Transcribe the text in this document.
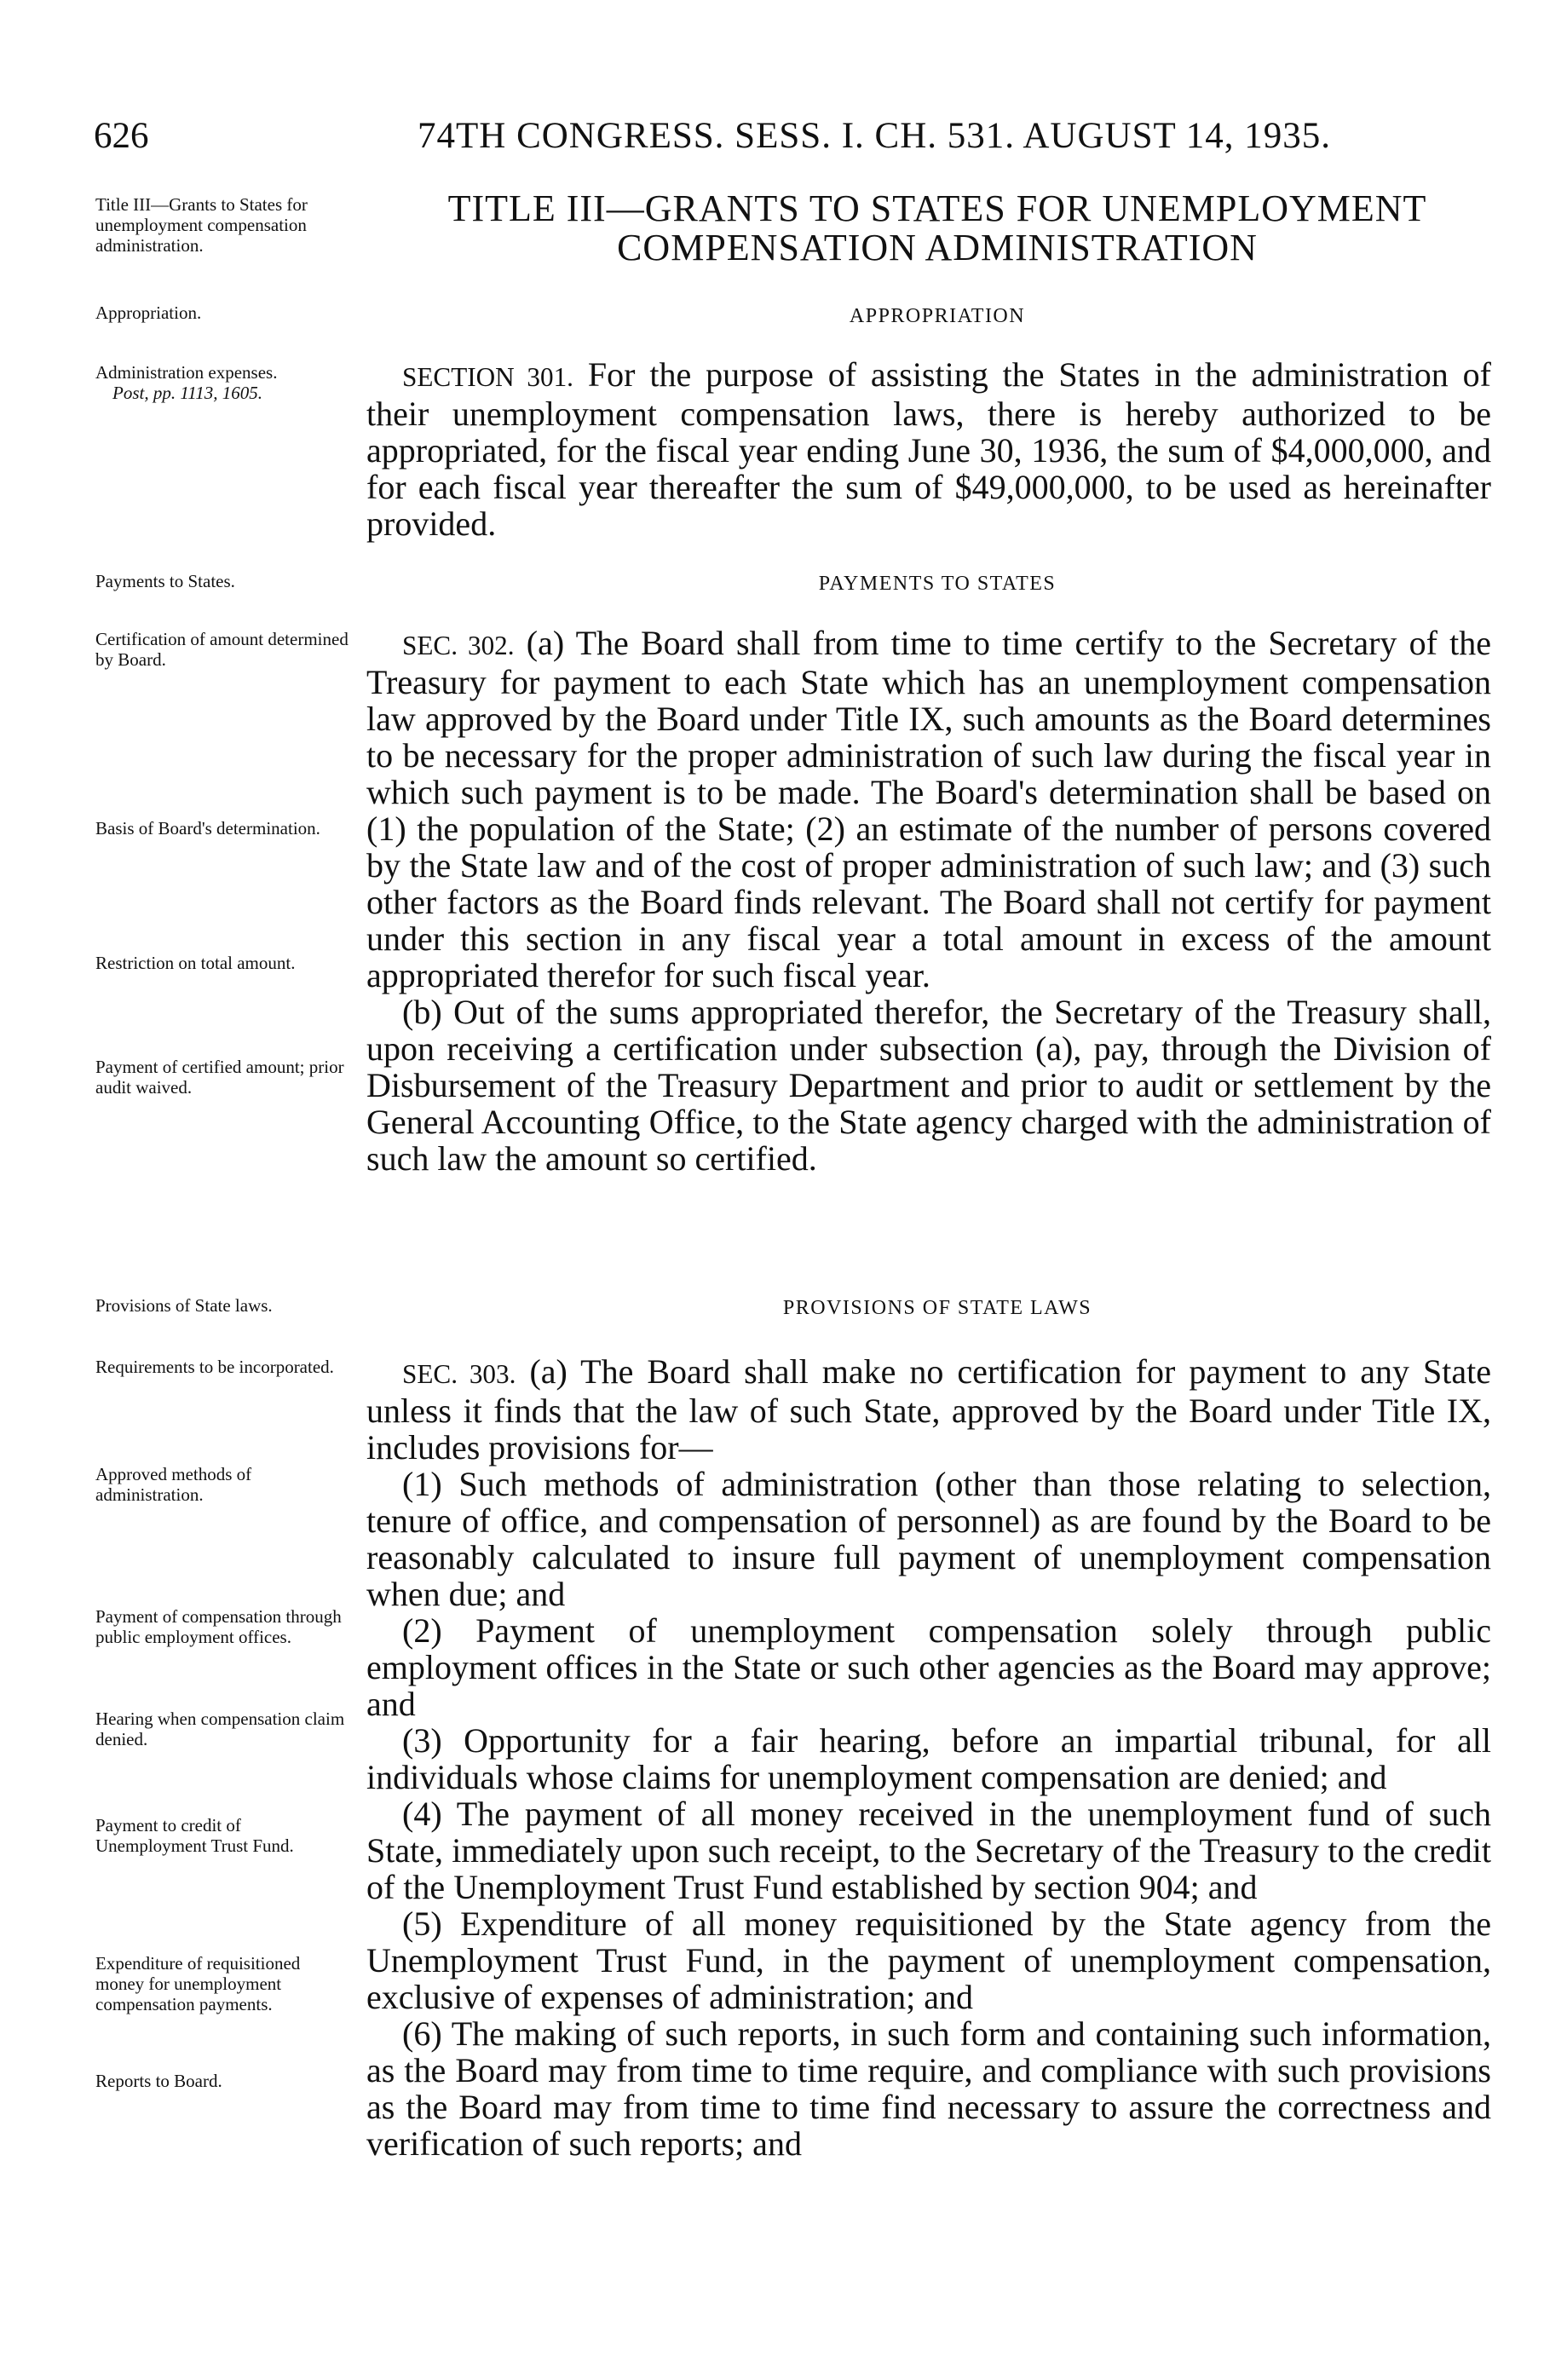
626	74TH CONGRESS. SESS. I. CH. 531. AUGUST 14, 1935.
TITLE III—GRANTS TO STATES FOR UNEMPLOYMENT
COMPENSATION ADMINISTRATION
Title III—Grants to States for unemployment compensation administration.
Appropriation.
Administration expenses.
Post, pp. 1113, 1605.
Payments to States.
Certification of amount determined by Board.
Basis of Board's determination.
Restriction on total amount.
Payment of certified amount; prior audit waived.
Provisions of State laws.
Requirements to be incorporated.
Approved methods of administration.
Payment of compensation through public employment offices.
Hearing when compensation claim denied.
Payment to credit of Unemployment Trust Fund.
Expenditure of requisitioned money for unemployment compensation payments.
Reports to Board.
APPROPRIATION
PAYMENTS TO STATES
PROVISIONS OF STATE LAWS

SECTION 301. For the purpose of assisting the States in the administration of their unemployment compensation laws, there is hereby authorized to be appropriated, for the fiscal year ending June 30, 1936, the sum of $4,000,000, and for each fiscal year thereafter the sum of $49,000,000, to be used as hereinafter provided.

SEC. 302. (a) The Board shall from time to time certify to the Secretary of the Treasury for payment to each State which has an unemployment compensation law approved by the Board under Title IX, such amounts as the Board determines to be necessary for the proper administration of such law during the fiscal year in which such payment is to be made. The Board's determination shall be based on (1) the population of the State; (2) an estimate of the number of persons covered by the State law and of the cost of proper administration of such law; and (3) such other factors as the Board finds relevant. The Board shall not certify for payment under this section in any fiscal year a total amount in excess of the amount appropriated therefor for such fiscal year.

(b) Out of the sums appropriated therefor, the Secretary of the Treasury shall, upon receiving a certification under subsection (a), pay, through the Division of Disbursement of the Treasury Department and prior to audit or settlement by the General Accounting Office, to the State agency charged with the administration of such law the amount so certified.

SEC. 303. (a) The Board shall make no certification for payment to any State unless it finds that the law of such State, approved by the Board under Title IX, includes provisions for—

(1) Such methods of administration (other than those relating to selection, tenure of office, and compensation of personnel) as are found by the Board to be reasonably calculated to insure full payment of unemployment compensation when due; and

(2) Payment of unemployment compensation solely through public employment offices in the State or such other agencies as the Board may approve; and

(3) Opportunity for a fair hearing, before an impartial tribunal, for all individuals whose claims for unemployment compensation are denied; and

(4) The payment of all money received in the unemployment fund of such State, immediately upon such receipt, to the Secretary of the Treasury to the credit of the Unemployment Trust Fund established by section 904; and

(5) Expenditure of all money requisitioned by the State agency from the Unemployment Trust Fund, in the payment of unemployment compensation, exclusive of expenses of administration; and

(6) The making of such reports, in such form and containing such information, as the Board may from time to time require, and compliance with such provisions as the Board may from time to time find necessary to assure the correctness and verification of such reports; and
